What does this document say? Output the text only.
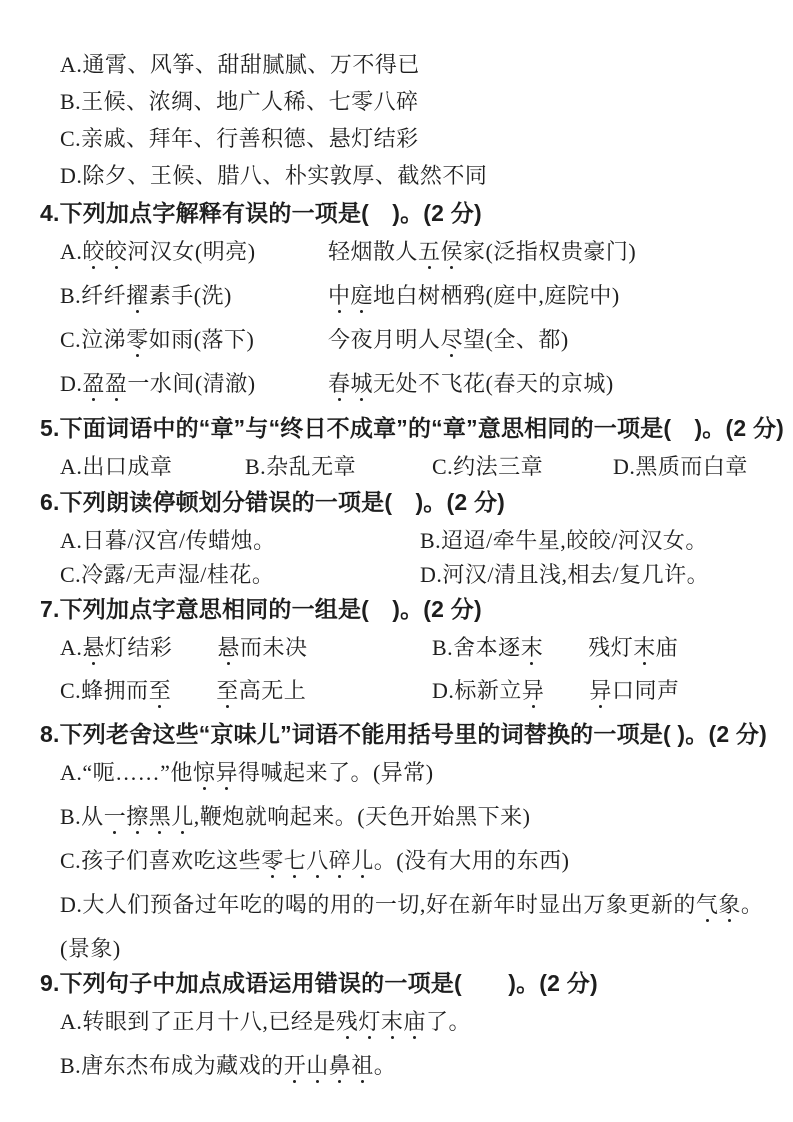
A.通霄、风筝、甜甜腻腻、万不得已
B.王候、浓绸、地广人稀、七零八碎
C.亲戚、拜年、行善积德、悬灯结彩
D.除夕、王候、腊八、朴实敦厚、截然不同
4.下列加点字解释有误的一项是(　)。(2 分)
A.皎皎河汉女(明亮)	轻烟散人五侯家(泛指权贵豪门)
B.纤纤擢素手(洗)	中庭地白树栖鸦(庭中,庭院中)
C.泣涕零如雨(落下)	今夜月明人尽望(全、都)
D.盈盈一水间(清澈)	春城无处不飞花(春天的京城)
5.下面词语中的“章”与“终日不成章”的“章”意思相同的一项是(　)。(2 分)
A.出口成章	B.杂乱无章	C.约法三章	D.黑质而白章
6.下列朗读停顿划分错误的一项是(　)。(2 分)
A.日暮/汉宫/传蜡烛。	B.迢迢/牵牛星,皎皎/河汉女。
C.冷露/无声湿/桂花。	D.河汉/清且浅,相去/复几许。
7.下列加点字意思相同的一组是(　)。(2 分)
A.悬灯结彩　　悬而未决	B.舍本逐末　　残灯末庙
C.蜂拥而至　　 至高无上	D.标新立异　　 异口同声
8.下列老舍这些“京味儿”词语不能用括号里的词替换的一项是( )。(2 分)
A.“呃……”他惊异得喊起来了。(异常)
B.从一擦黑儿,鞭炮就响起来。(天色开始黑下来)
C.孩子们喜欢吃这些零七八碎儿。(没有大用的东西)
D.大人们预备过年吃的喝的用的一切,好在新年时显出万象更新的气象。
(景象)
9.下列句子中加点成语运用错误的一项是(　　)。(2 分)
A.转眼到了正月十八,已经是残灯末庙了。
B.唐东杰布成为藏戏的开山鼻祖。
